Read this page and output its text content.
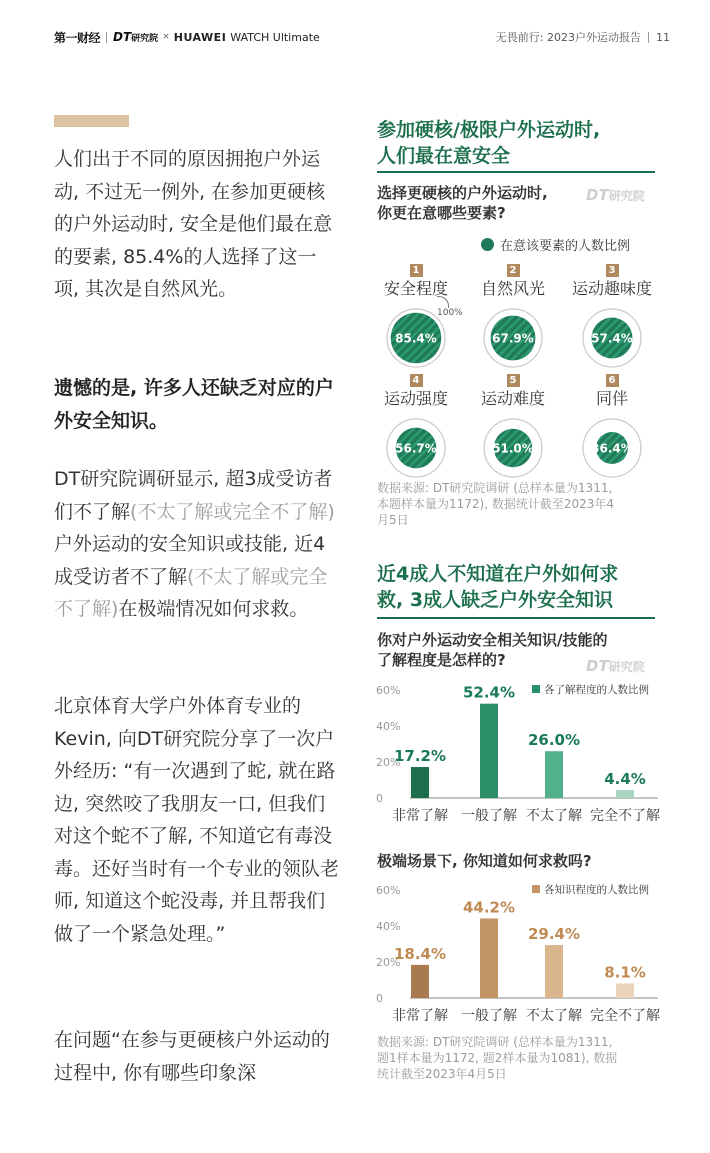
第一财经 DT研究院 × HUAWEI WATCH Ultimate	无畏前行: 2023户外运动报告 11

人们出于不同的原因拥抱户外运动, 不过无一例外, 在参加更硬核的户外运动时, 安全是他们最在意的要素, 85.4%的人选择了这一项, 其次是自然风光。

遗憾的是, 许多人还缺乏对应的户外安全知识。

DT研究院调研显示, 超3成受访者们不了解(不太了解或完全不了解)户外运动的安全知识或技能, 近4成受访者不了解(不太了解或完全不了解)在极端情况如何求救。

北京体育大学户外体育专业的Kevin, 向DT研究院分享了一次户外经历: “有一次遇到了蛇, 就在路边, 突然咬了我朋友一口, 但我们对这个蛇不了解, 不知道它有毒没毒。还好当时有一个专业的领队老师, 知道这个蛇没毒, 并且帮我们做了一个紧急处理。”

在问题“在参与更硬核户外运动的过程中, 你有哪些印象深

参加硬核/极限户外运动时,
人们最在意安全
选择更硬核的户外运动时,
你更在意哪些要素?
DT研究院
在意该要素的人数比例
1
安全程度
85.4%
2
自然风光
67.9%
3
运动趣味度
57.4%
4
运动强度
56.7%
5
运动难度
51.0%
6
同伴
36.4%
100%
数据来源: DT研究院调研 (总样本量为1311,
本题样本量为1172), 数据统计截至2023年4
月5日
近4成人不知道在户外如何求
救, 3成人缺乏户外安全知识
你对户外运动安全相关知识/技能的
了解程度是怎样的?	DT研究院
0
20%
40%
60%	各了解程度的人数比例
17.2%
非常了解
52.4%
一般了解
26.0%
不太了解
4.4%
完全不了解
极端场景下, 你知道如何求救吗?
0
20%
40%
60%	各知识程度的人数比例
18.4%
非常了解
44.2%
一般了解
29.4%
不太了解
8.1%
完全不了解
数据来源: DT研究院调研 (总样本量为1311,
题1样本量为1172, 题2样本量为1081), 数据
统计截至2023年4月5日
